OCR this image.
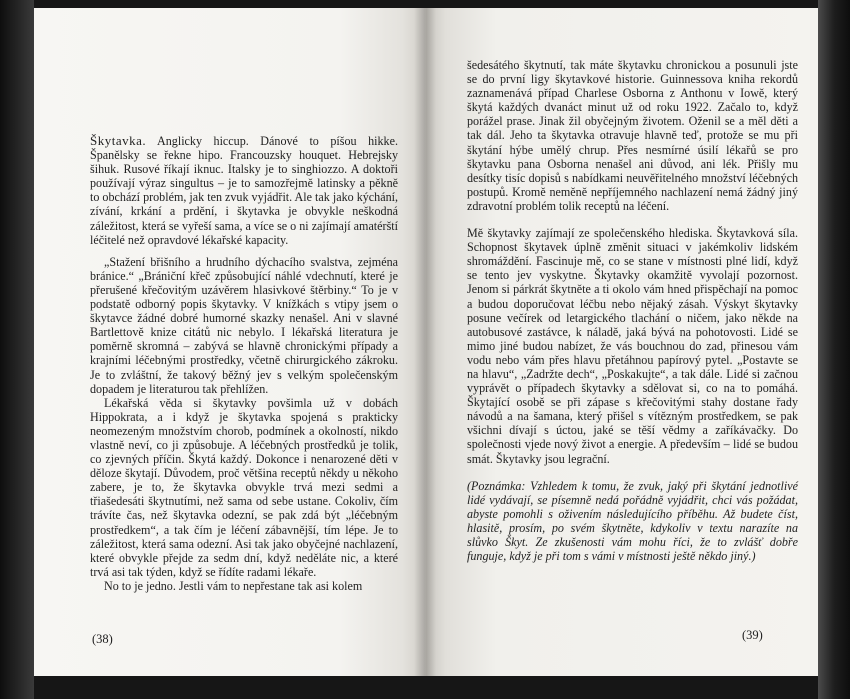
Škytavka. Anglicky hiccup. Dánové to píšou hikke. Španělsky se řekne hipo. Francouzsky houquet. Hebrejsky šihuk. Rusové říkají iknuc. Italsky je to singhiozzo. A doktoři používají výraz singultus – je to samozřejmě latinsky a pěkně to obchází problém, jak ten zvuk vyjádřit. Ale tak jako kýchání, zívání, krkání a prdění, i škytavka je obvykle neškodná záležitost, která se vyřeší sama, a více se o ni zajímají amatérští léčitelé než opravdové lékařské kapacity.

„Stažení břišního a hrudního dýchacího svalstva, zejména bránice.“ „Brániční křeč způsobující náhlé vdechnutí, které je přerušené křečovitým uzávěrem hlasivkové štěrbiny.“ To je v podstatě odborný popis škytavky. V knížkách s vtipy jsem o škytavce žádné dobré humorné skazky nenašel. Ani v slavné Bartlettově knize citátů nic nebylo. I lékařská literatura je poměrně skromná – zabývá se hlavně chronickými případy a krajními léčebnými prostředky, včetně chirurgického zákroku. Je to zvláštní, že takový běžný jev s velkým společenským dopadem je literaturou tak přehlížen.

Lékařská věda si škytavky povšimla už v dobách Hippokrata, a i když je škytavka spojená s prakticky neomezeným množstvím chorob, podmínek a okolností, nikdo vlastně neví, co ji způsobuje. A léčebných prostředků je tolik, co zjevných příčin. Škytá každý. Dokonce i nenarozené děti v děloze škytají. Důvodem, proč většina receptů někdy u někoho zabere, je to, že škytavka obvykle trvá mezi sedmi a třiašedesáti škytnutími, než sama od sebe ustane. Cokoliv, čím trávíte čas, než škytavka odezní, se pak zdá být „léčebným prostředkem“, a tak čím je léčení zábavnější, tím lépe. Je to záležitost, která sama odezní. Asi tak jako obyčejné nachlazení, které obvykle přejde za sedm dní, když neděláte nic, a které trvá asi tak týden, když se řídíte radami lékaře.

No to je jedno. Jestli vám to nepřestane tak asi kolem

šedesátého škytnutí, tak máte škytavku chronickou a posunuli jste se do první ligy škytavkové historie. Guinnessova kniha rekordů zaznamenává případ Charlese Osborna z Anthonu v Iowě, který škytá každých dvanáct minut už od roku 1922. Začalo to, když porážel prase. Jinak žil obyčejným životem. Oženil se a měl děti a tak dál. Jeho ta škytavka otravuje hlavně teď, protože se mu při škytání hýbe umělý chrup. Přes nesmírné úsilí lékařů se pro škytavku pana Osborna nenašel ani důvod, ani lék. Přišly mu desítky tisíc dopisů s nabídkami neuvěřitelného množství léčebných postupů. Kromě neměně nepříjemného nachlazení nemá žádný jiný zdravotní problém tolik receptů na léčení.

Mě škytavky zajímají ze společenského hlediska. Škytavková síla. Schopnost škytavek úplně změnit situaci v jakémkoliv lidském shromáždění. Fascinuje mě, co se stane v místnosti plné lidí, když se tento jev vyskytne. Škytavky okamžitě vyvolají pozornost. Jenom si párkrát škytněte a ti okolo vám hned přispěchají na pomoc a budou doporučovat léčbu nebo nějaký zásah. Výskyt škytavky posune večírek od letargického tlachání o ničem, jako někde na autobusové zastávce, k náladě, jaká bývá na pohotovosti. Lidé se mimo jiné budou nabízet, že vás bouchnou do zad, přinesou vám vodu nebo vám přes hlavu přetáhnou papírový pytel. „Postavte se na hlavu“, „Zadržte dech“, „Poskakujte“, a tak dále. Lidé si začnou vyprávět o případech škytavky a sdělovat si, co na to pomáhá. Škytající osobě se při zápase s křečovitými stahy dostane řady návodů a na šamana, který přišel s vítězným prostředkem, se pak všichni dívají s úctou, jaké se těší vědmy a zaříkávačky. Do společnosti vjede nový život a energie. A především – lidé se budou smát. Škytavky jsou legrační.

(Poznámka: Vzhledem k tomu, že zvuk, jaký při škytání jednotlivé lidé vydávají, se písemně nedá pořádně vyjádřit, chci vás požádat, abyste pomohli s oživením následujícího příběhu. Až budete číst, hlasitě, prosím, po svém škytněte, kdykoliv v textu narazíte na slůvko Škyt. Ze zkušenosti vám mohu říci, že to zvlášť dobře funguje, když je při tom s vámi v místnosti ještě někdo jiný.)

(38)	(39)
